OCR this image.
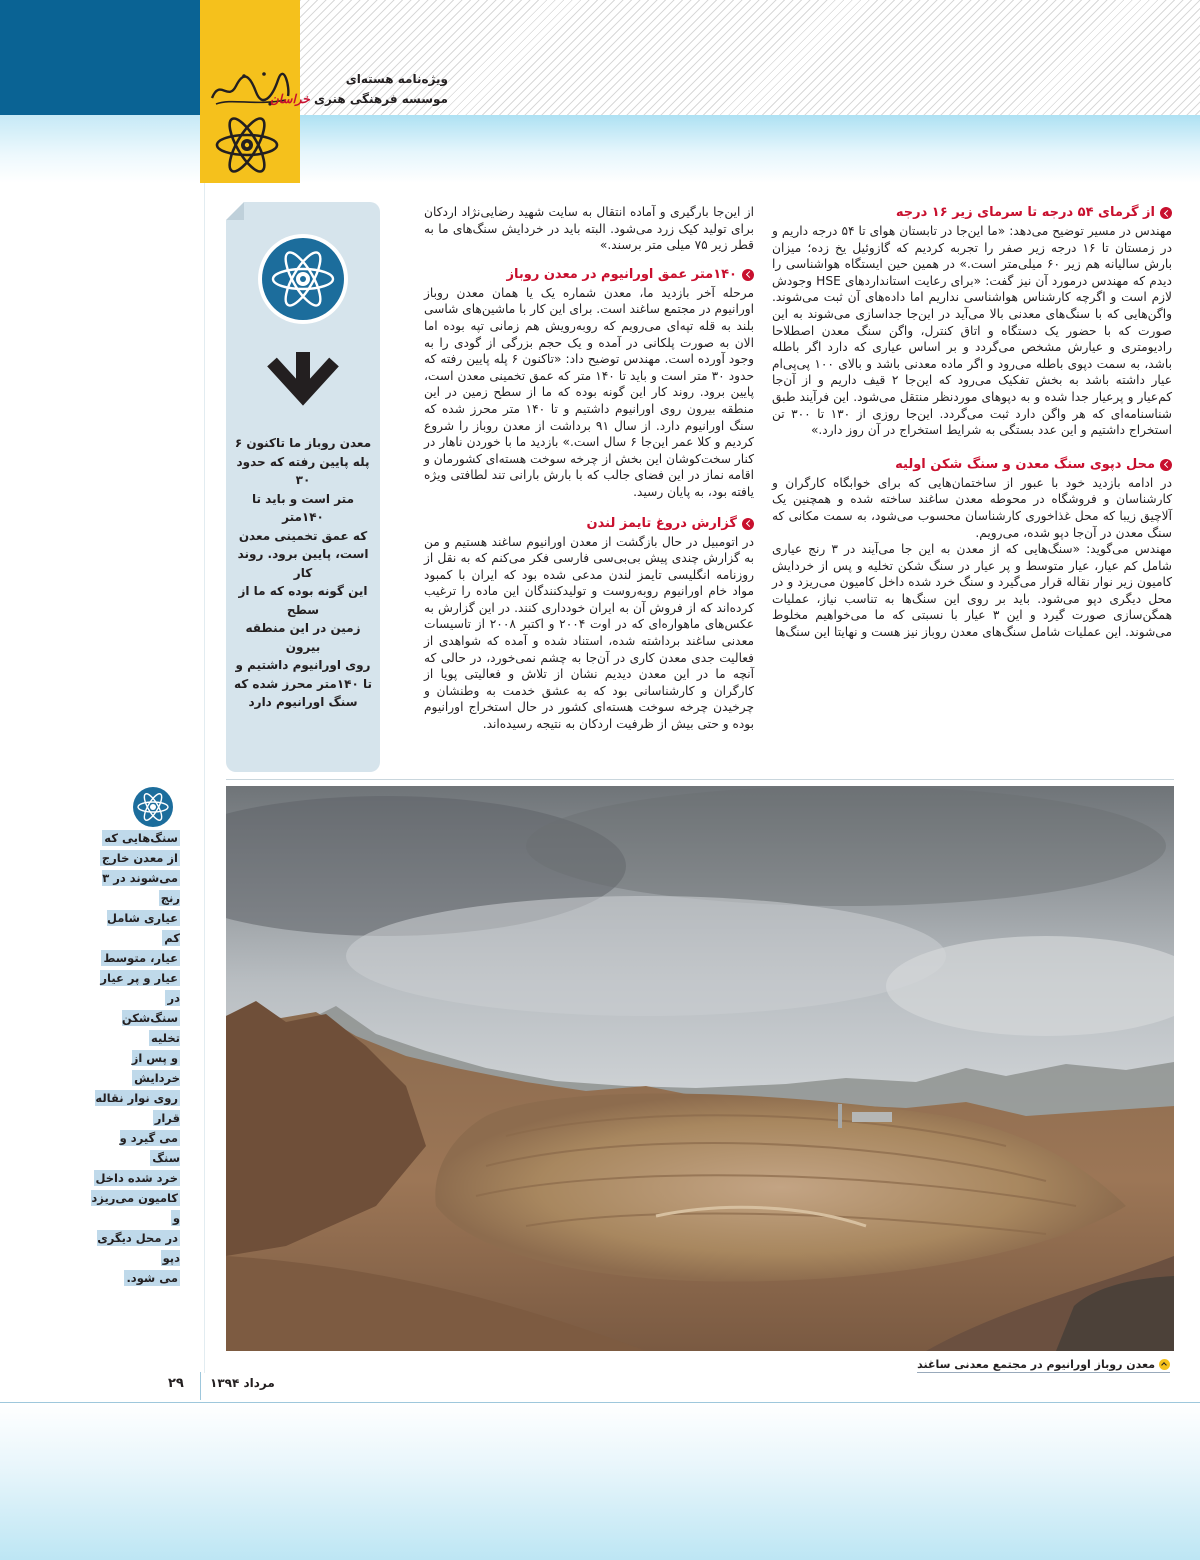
ویژه‌نامه هسته‌ای
موسسه فرهنگی هنری خراسان
از گرمای ۵۴ درجه تا سرمای زیر ۱۶ درجه

مهندس در مسیر توضیح می‌دهد: «ما این‌جا در تابستان هوای تا ۵۴ درجه داریم و در زمستان تا ۱۶ درجه زیر صفر را تجربه کردیم که گازوئیل یخ زده؛ میزان بارش سالیانه هم زیر ۶۰ میلی‌متر است.» در همین حین ایستگاه هواشناسی را دیدم که مهندس درمورد آن نیز گفت: «برای رعایت استانداردهای HSE وجودش لازم است و اگرچه کارشناس هواشناسی نداریم اما داده‌های آن ثبت می‌شوند. واگن‌هایی که با سنگ‌های معدنی بالا می‌آید در این‌جا جداسازی می‌شوند به این صورت که با حضور یک دستگاه و اتاق کنترل، واگن سنگ معدن اصطلاحا رادیومتری و عیارش مشخص می‌گردد و بر اساس عیاری که دارد اگر باطله باشد، به سمت دپوی باطله می‌رود و اگر ماده معدنی باشد و بالای ۱۰۰ پی‌پی‌ام عیار داشته باشد به بخش تفکیک می‌رود که این‌جا ۲ قیف داریم و از آن‌جا کم‌عیار و پرعیار جدا شده و به دپوهای موردنظر منتقل می‌شود. این فرآیند طبق شناسنامه‌ای که هر واگن دارد ثبت می‌گردد. این‌جا روزی از ۱۳۰ تا ۳۰۰ تن استخراج داشتیم و این عدد بستگی به شرایط استخراج در آن روز دارد.»

محل دپوی سنگ معدن و سنگ شکن اولیه

در ادامه بازدید خود با عبور از ساختمان‌هایی که برای خوابگاه کارگران و کارشناسان و فروشگاه در محوطه معدن ساغند ساخته شده و همچنین یک آلاچیق زیبا که محل غذاخوری کارشناسان محسوب می‌شود، به سمت مکانی که سنگ معدن در آن‌جا دپو شده، می‌رویم.

مهندس می‌گوید: «سنگ‌هایی که از معدن به این جا می‌آیند در ۳ رنج عیاری شامل کم عیار، عیار متوسط و پر عیار در سنگ شکن تخلیه و پس از خردایش کامیون زیر نوار نقاله قرار می‌گیرد و سنگ خرد شده داخل کامیون می‌ریزد و در محل دیگری دپو می‌شود. باید بر روی این سنگ‌ها به تناسب نیاز، عملیات همگن‌سازی صورت گیرد و این ۳ عیار با نسبتی که ما می‌خواهیم مخلوط می‌شوند. این عملیات شامل سنگ‌های معدن روباز نیز هست و نهایتا این سنگ‌ها

از این‌جا بارگیری و آماده انتقال به سایت شهید رضایی‌نژاد اردکان برای تولید کیک زرد می‌شود. البته باید در خردایش سنگ‌های ما به قطر زیر ۷۵ میلی متر برسند.»

۱۴۰متر عمق اورانیوم در معدن روباز

مرحله آخر بازدید ما، معدن شماره یک یا همان معدن روباز اورانیوم در مجتمع ساغند است. برای این کار با ماشین‌های شاسی بلند به قله تپه‌ای می‌رویم که روبه‌رویش هم زمانی تپه بوده اما الان به صورت پلکانی در آمده و یک حجم بزرگی از گودی را به وجود آورده است. مهندس توضیح داد: «تاکنون ۶ پله پایین رفته که حدود ۳۰ متر است و باید تا ۱۴۰ متر که عمق تخمینی معدن است، پایین برود. روند کار این گونه بوده که ما از سطح زمین در این منطقه بیرون روی اورانیوم داشتیم و تا ۱۴۰ متر محرز شده که سنگ اورانیوم دارد. از سال ۹۱ برداشت از معدن روباز را شروع کردیم و کلا عمر این‌جا ۶ سال است.» بازدید ما با خوردن ناهار در کنار سخت‌کوشان این بخش از چرخه سوخت هسته‌ای کشورمان و اقامه نماز در این فضای جالب که با بارش بارانی تند لطافتی ویژه یافته بود، به پایان رسید.

گزارش دروغ تایمز لندن

در اتومبیل در حال بازگشت از معدن اورانیوم ساغند هستیم و من به گزارش چندی پیش بی‌بی‌سی فارسی فکر می‌کنم که به نقل از روزنامه انگلیسی تایمز لندن مدعی شده بود که ایران با کمبود مواد خام اورانیوم روبه‌روست و تولیدکنندگان این ماده را ترغیب کرده‌اند که از فروش آن به ایران خودداری کنند. در این گزارش به عکس‌های ماهواره‌ای که در اوت ۲۰۰۴ و اکتبر ۲۰۰۸ از تاسیسات معدنی ساغند برداشته شده، استناد شده و آمده که شواهدی از فعالیت جدی معدن کاری در آن‌جا به چشم نمی‌خورد، در حالی که آنچه ما در این معدن دیدیم نشان از تلاش و فعالیتی پویا از کارگران و کارشناسانی بود که به عشق خدمت به وطنشان و چرخیدن چرخه سوخت هسته‌ای کشور در حال استخراج اورانیوم بوده و حتی بیش از ظرفیت اردکان به نتیجه رسیده‌اند.

معدن روباز ما تاکنون ۶
پله پایین رفته که حدود ۳۰
متر است و باید تا ۱۴۰متر
که عمق تخمینی معدن
است، پایین برود. روند کار
این گونه بوده که ما از سطح
زمین در این منطقه بیرون
روی اورانیوم داشتیم و
تا ۱۴۰متر محرز شده که
سنگ اورانیوم دارد
معدن روباز اورانیوم در مجتمع معدنی ساغند
سنگ‌هایی که
از معدن خارج
می‌شوند در ۳ رنج
عیاری شامل کم
عیار، متوسط
عیار و پر عیار در
سنگ‌شکن تخلیه
و پس از خردایش
روی نوار نقاله قرار
می گیرد و سنگ
خرد شده داخل
کامیون می‌ریزد و
در محل دیگری دپو
می شود.
۲۹ مرداد ۱۳۹۴
